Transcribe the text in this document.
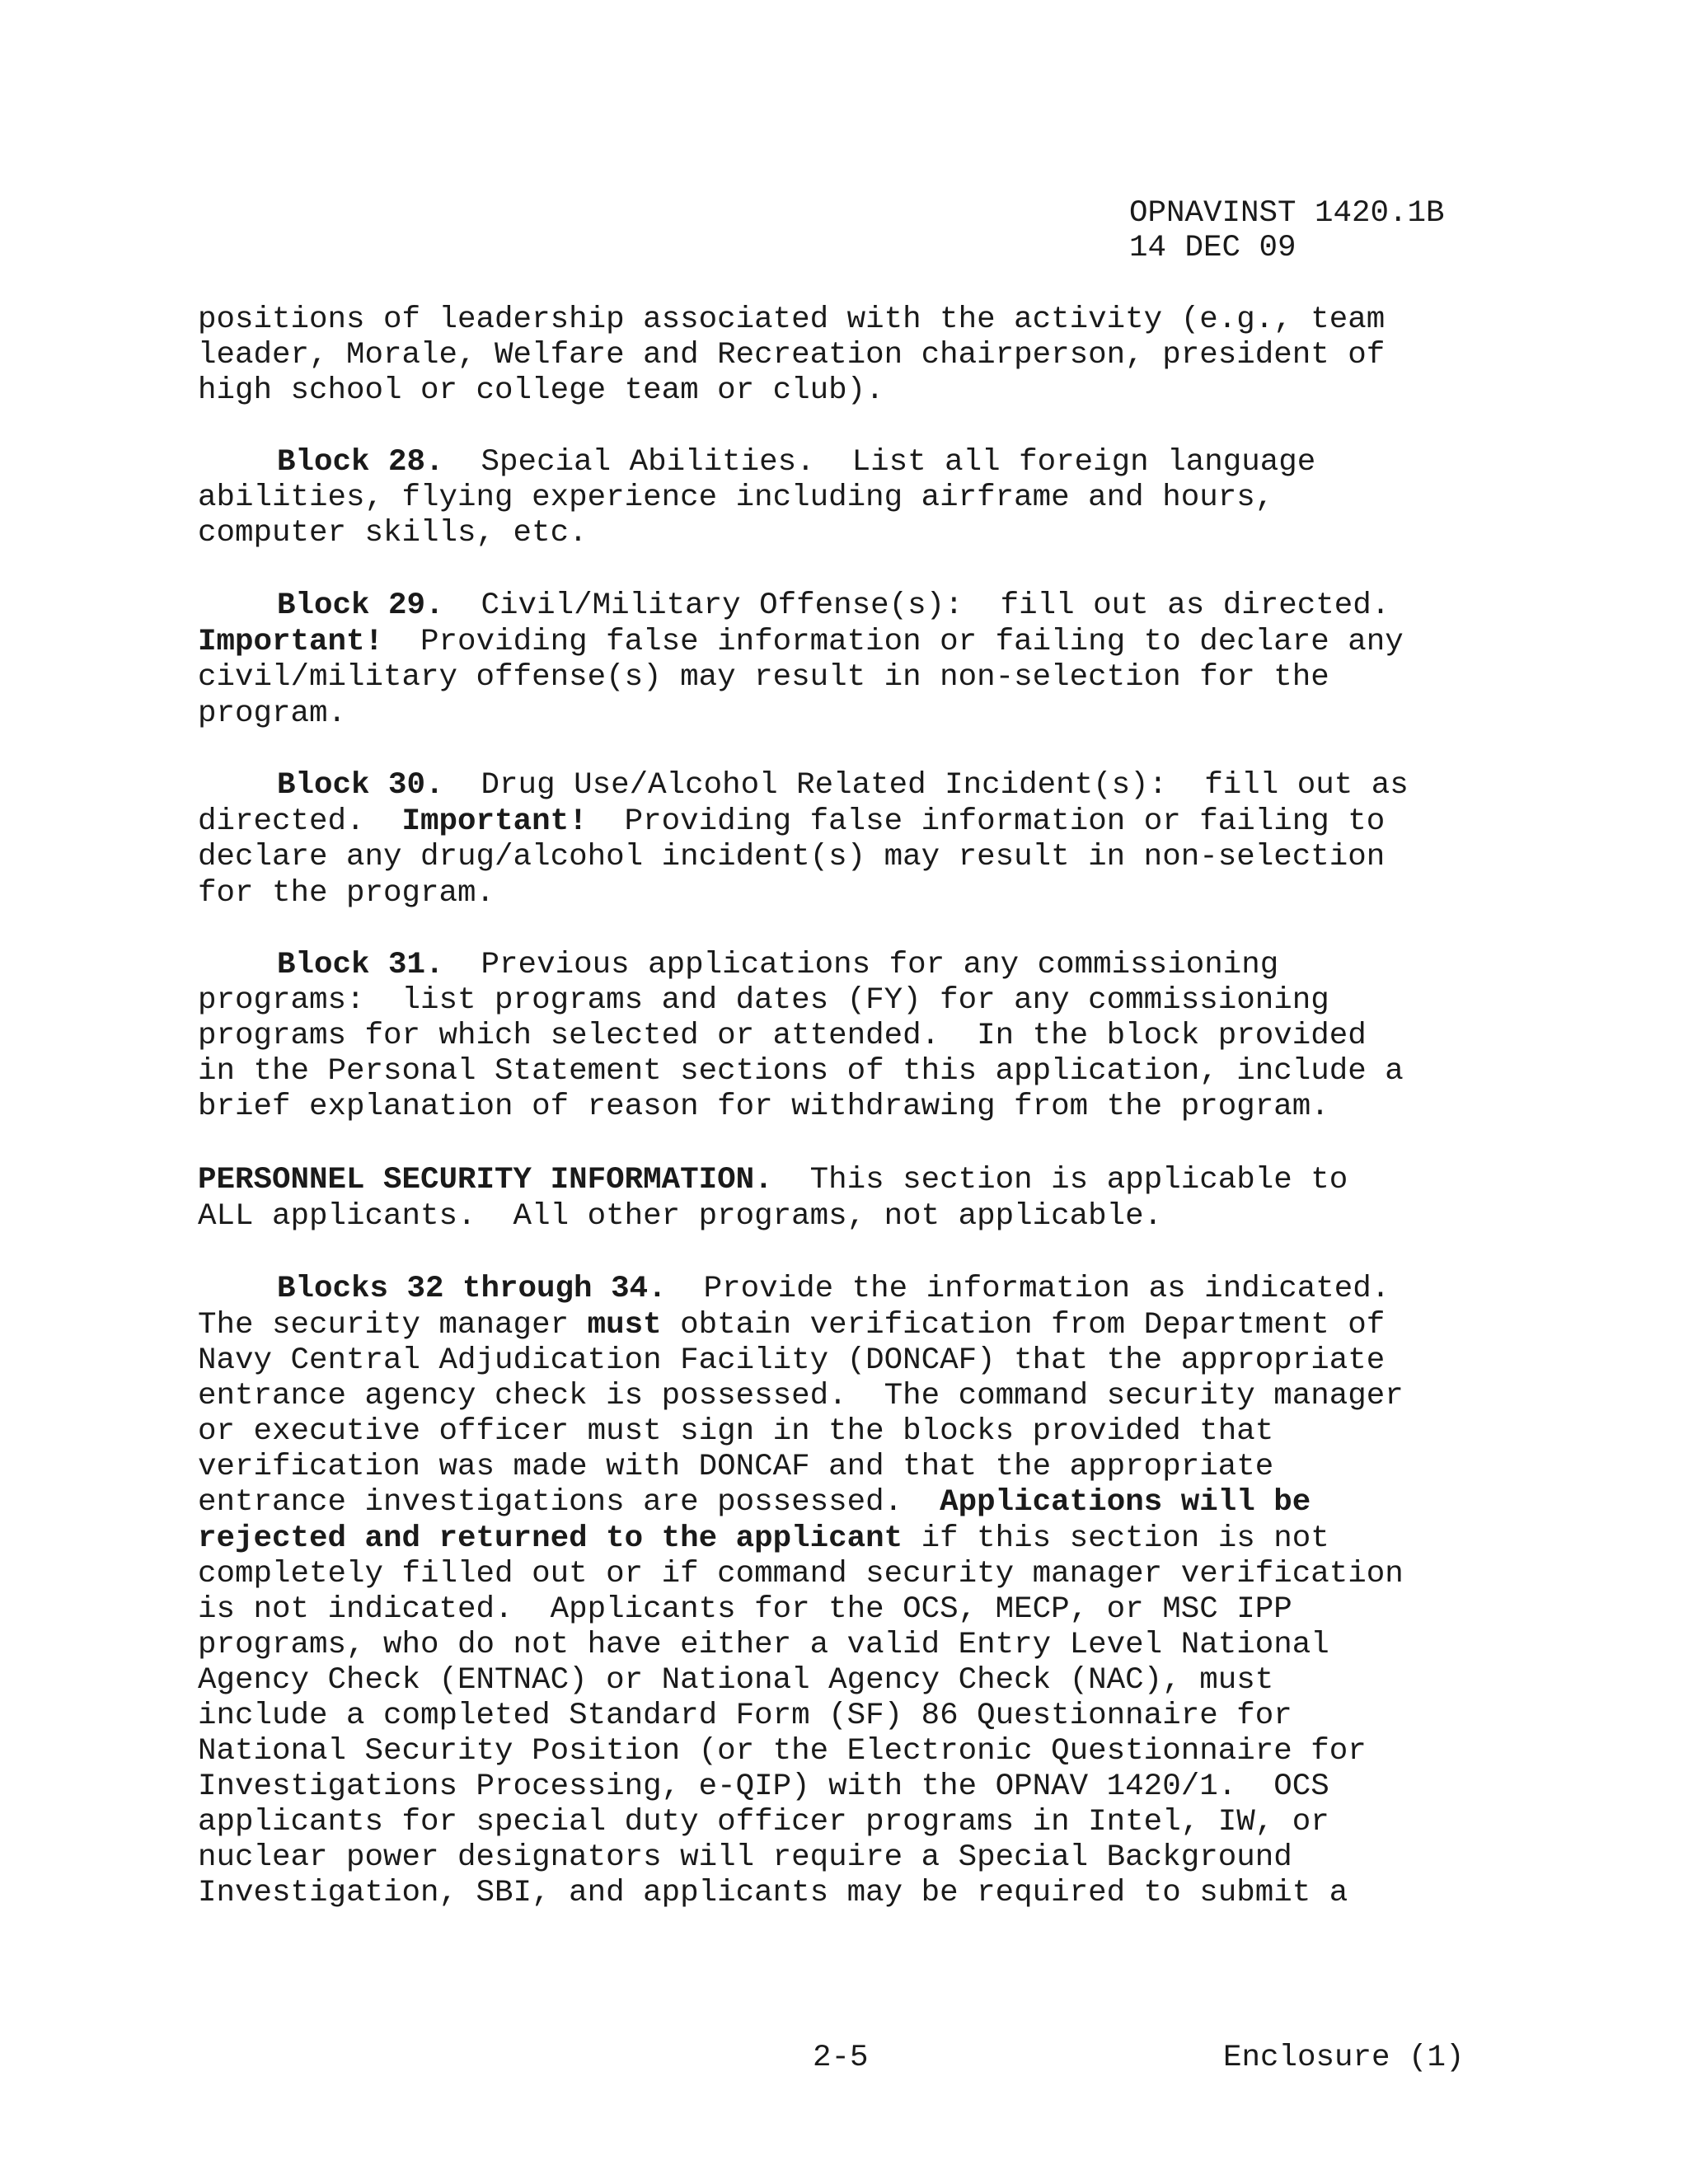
OPNAVINST 1420.1B
14 DEC 09
positions of leadership associated with the activity (e.g., team
leader, Morale, Welfare and Recreation chairperson, president of
high school or college team or club).
Block 28.  Special Abilities.  List all foreign language
abilities, flying experience including airframe and hours,
computer skills, etc.
Block 29.  Civil/Military Offense(s):  fill out as directed.
Important!  Providing false information or failing to declare any
civil/military offense(s) may result in non-selection for the
program.
Block 30.  Drug Use/Alcohol Related Incident(s):  fill out as
directed.  Important!  Providing false information or failing to
declare any drug/alcohol incident(s) may result in non-selection
for the program.
Block 31.  Previous applications for any commissioning
programs:  list programs and dates (FY) for any commissioning
programs for which selected or attended.  In the block provided
in the Personal Statement sections of this application, include a
brief explanation of reason for withdrawing from the program.
PERSONNEL SECURITY INFORMATION.  This section is applicable to
ALL applicants.  All other programs, not applicable.
Blocks 32 through 34.  Provide the information as indicated.
The security manager must obtain verification from Department of
Navy Central Adjudication Facility (DONCAF) that the appropriate
entrance agency check is possessed.  The command security manager
or executive officer must sign in the blocks provided that
verification was made with DONCAF and that the appropriate
entrance investigations are possessed.  Applications will be
rejected and returned to the applicant if this section is not
completely filled out or if command security manager verification
is not indicated.  Applicants for the OCS, MECP, or MSC IPP
programs, who do not have either a valid Entry Level National
Agency Check (ENTNAC) or National Agency Check (NAC), must
include a completed Standard Form (SF) 86 Questionnaire for
National Security Position (or the Electronic Questionnaire for
Investigations Processing, e-QIP) with the OPNAV 1420/1.  OCS
applicants for special duty officer programs in Intel, IW, or
nuclear power designators will require a Special Background
Investigation, SBI, and applicants may be required to submit a
2-5	Enclosure (1)
